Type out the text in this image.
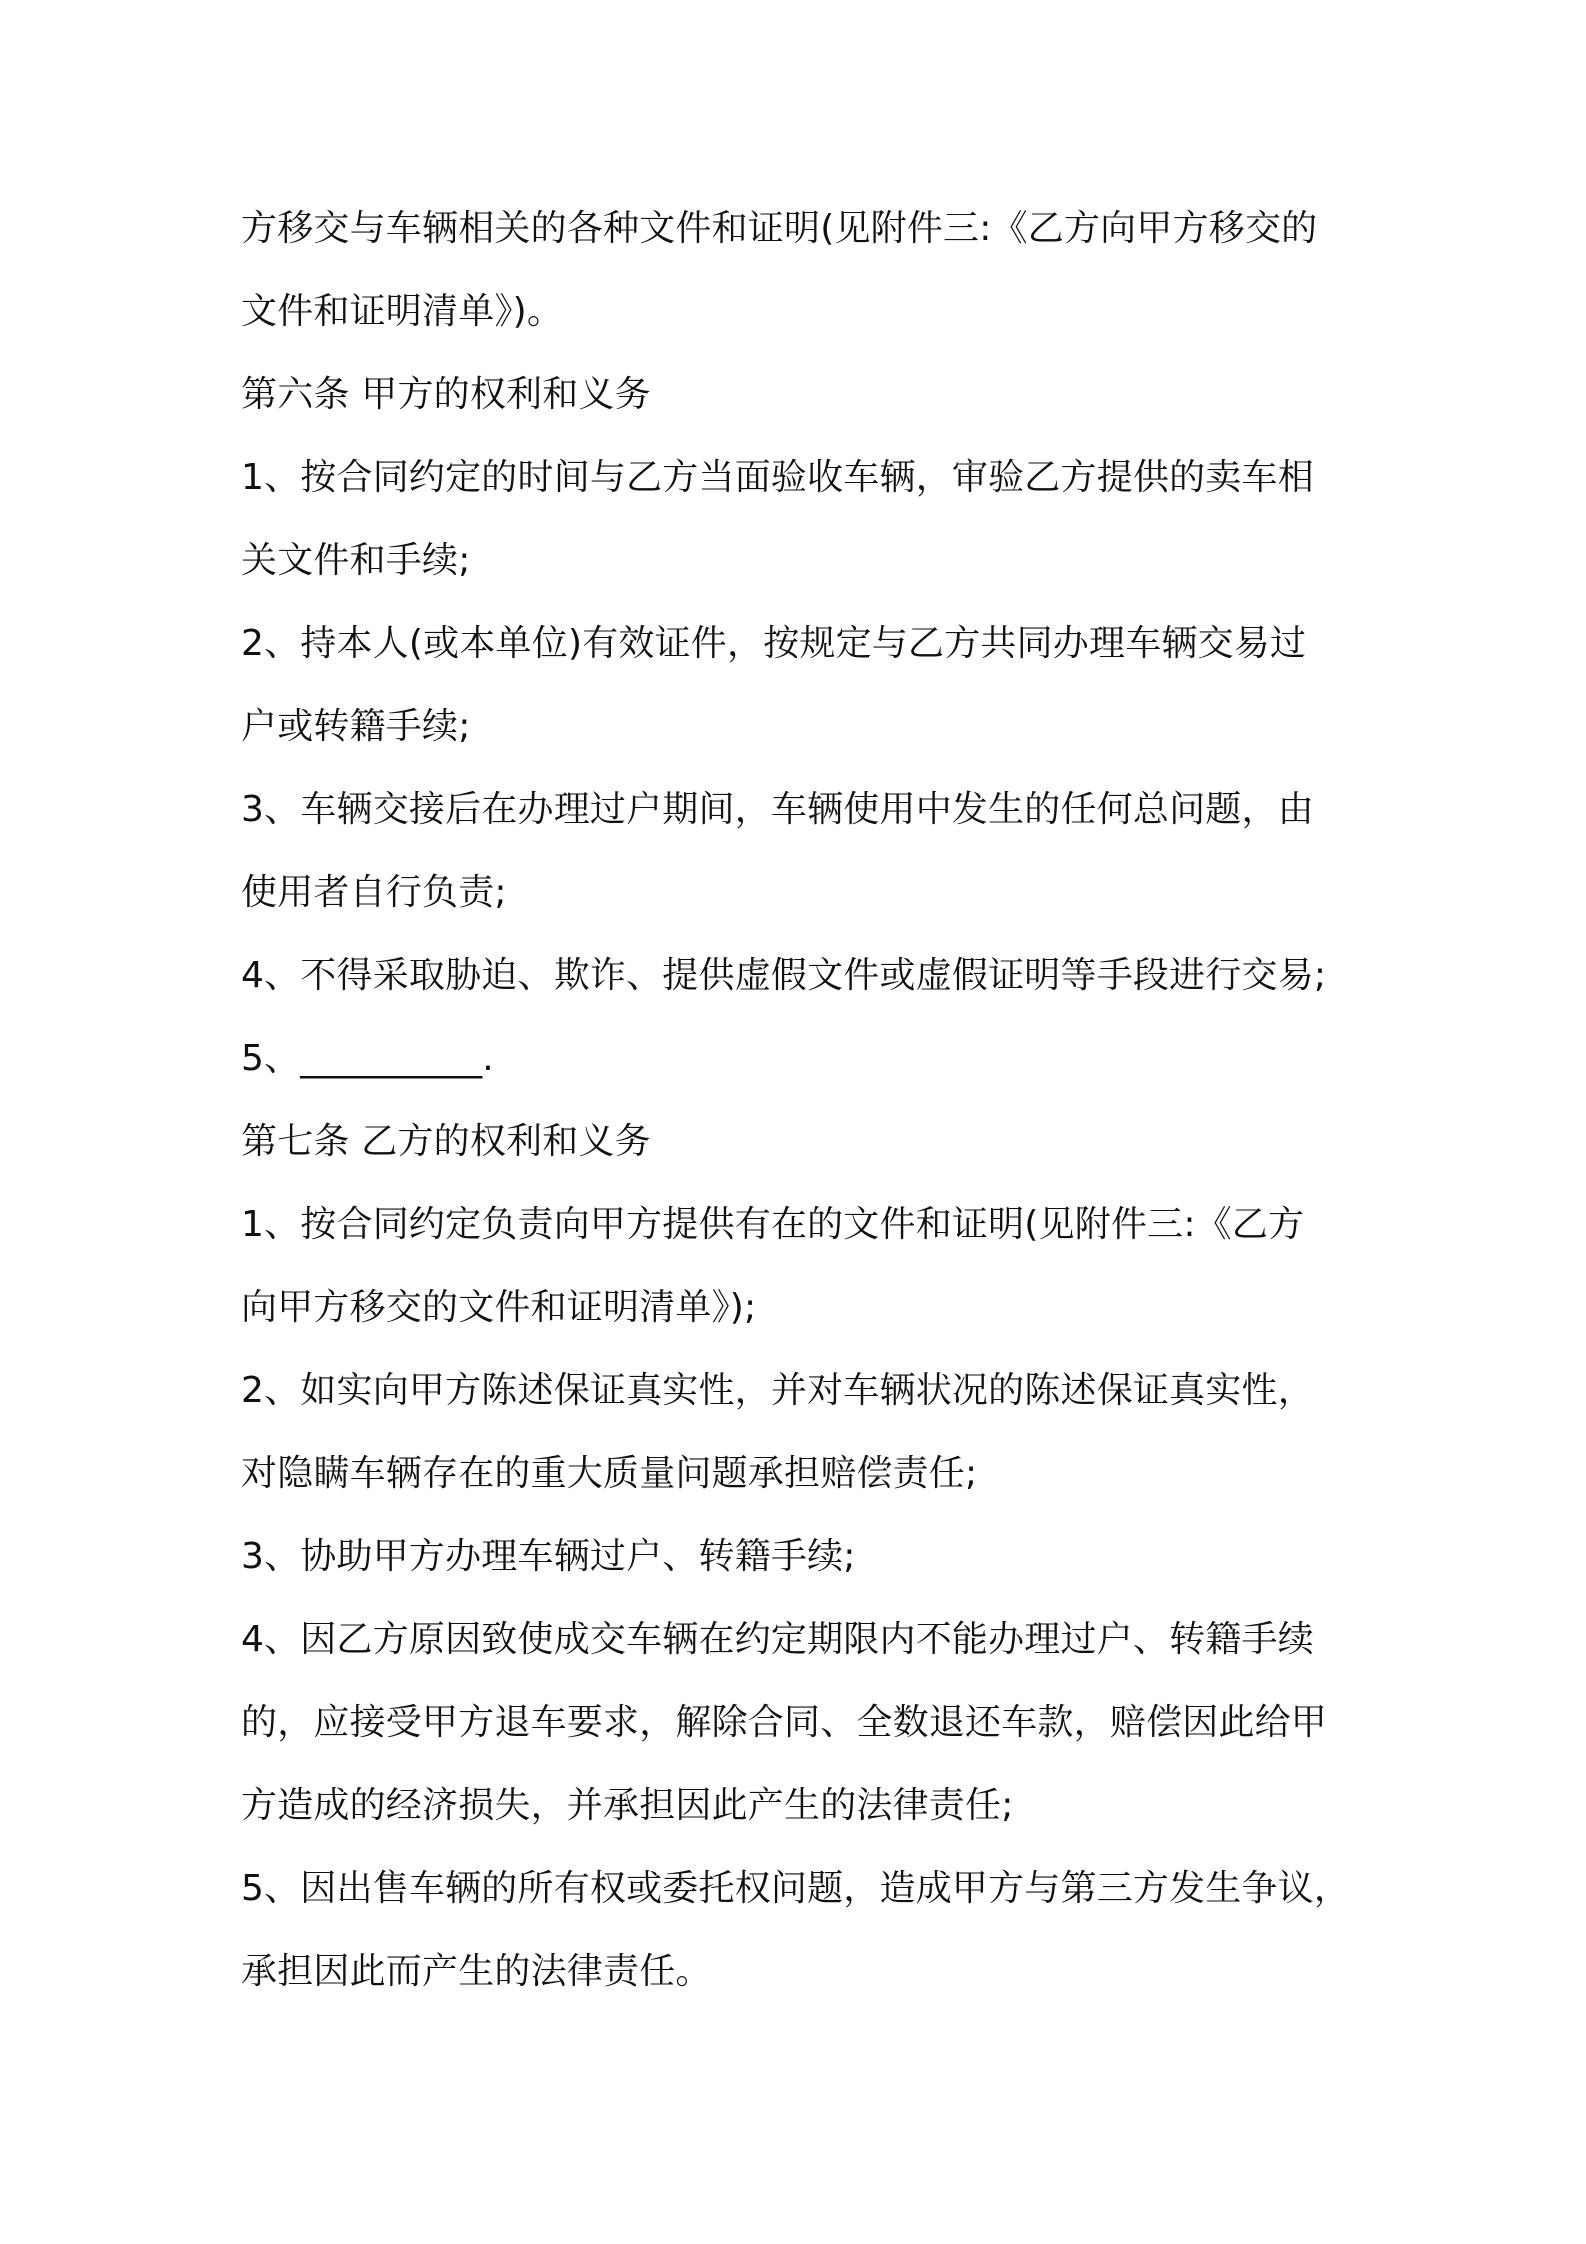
方移交与车辆相关的各种文件和证明(见附件三:《乙方向甲方移交的
文件和证明清单》)。
第六条 甲方的权利和义务
1、按合同约定的时间与乙方当面验收车辆，审验乙方提供的卖车相
关文件和手续;
2、持本人(或本单位)有效证件，按规定与乙方共同办理车辆交易过
户或转籍手续;
3、车辆交接后在办理过户期间，车辆使用中发生的任何总问题，由
使用者自行负责;
4、不得采取胁迫、欺诈、提供虚假文件或虚假证明等手段进行交易;
5、__________.
第七条 乙方的权利和义务
1、按合同约定负责向甲方提供有在的文件和证明(见附件三:《乙方
向甲方移交的文件和证明清单》);
2、如实向甲方陈述保证真实性，并对车辆状况的陈述保证真实性，
对隐瞒车辆存在的重大质量问题承担赔偿责任;
3、协助甲方办理车辆过户、转籍手续;
4、因乙方原因致使成交车辆在约定期限内不能办理过户、转籍手续
的，应接受甲方退车要求，解除合同、全数退还车款，赔偿因此给甲
方造成的经济损失，并承担因此产生的法律责任;
5、因出售车辆的所有权或委托权问题，造成甲方与第三方发生争议，
承担因此而产生的法律责任。
